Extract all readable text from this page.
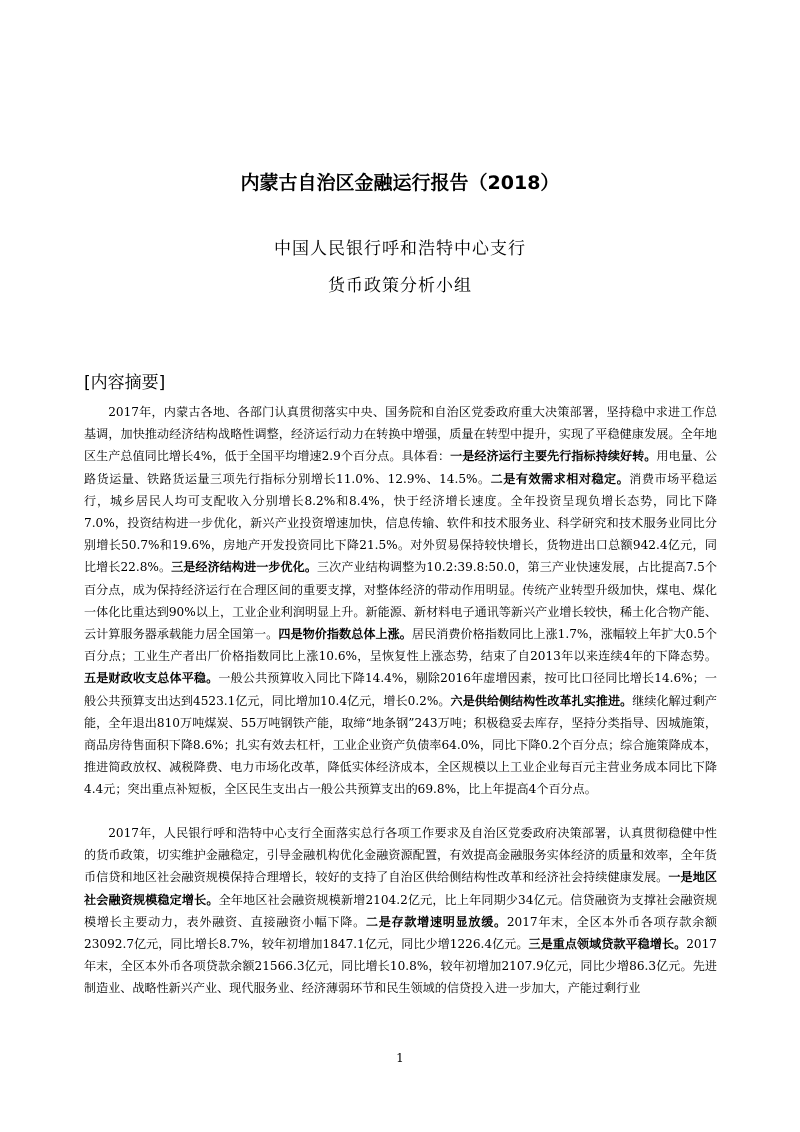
内蒙古自治区金融运行报告（2018）
中国人民银行呼和浩特中心支行
货币政策分析小组
[内容摘要]

2017年，内蒙古各地、各部门认真贯彻落实中央、国务院和自治区党委政府重大决策部署，坚持稳中求进工作总基调，加快推动经济结构战略性调整，经济运行动力在转换中增强，质量在转型中提升，实现了平稳健康发展。全年地区生产总值同比增长4%，低于全国平均增速2.9个百分点。具体看：一是经济运行主要先行指标持续好转。用电量、公路货运量、铁路货运量三项先行指标分别增长11.0%、12.9%、14.5%。二是有效需求相对稳定。消费市场平稳运行，城乡居民人均可支配收入分别增长8.2%和8.4%，快于经济增长速度。全年投资呈现负增长态势，同比下降7.0%，投资结构进一步优化，新兴产业投资增速加快，信息传输、软件和技术服务业、科学研究和技术服务业同比分别增长50.7%和19.6%，房地产开发投资同比下降21.5%。对外贸易保持较快增长，货物进出口总额942.4亿元，同比增长22.8%。三是经济结构进一步优化。三次产业结构调整为10.2:39.8:50.0，第三产业快速发展，占比提高7.5个百分点，成为保持经济运行在合理区间的重要支撑，对整体经济的带动作用明显。传统产业转型升级加快，煤电、煤化一体化比重达到90%以上，工业企业利润明显上升。新能源、新材料电子通讯等新兴产业增长较快，稀土化合物产能、云计算服务器承载能力居全国第一。四是物价指数总体上涨。居民消费价格指数同比上涨1.7%，涨幅较上年扩大0.5个百分点；工业生产者出厂价格指数同比上涨10.6%，呈恢复性上涨态势，结束了自2013年以来连续4年的下降态势。五是财政收支总体平稳。一般公共预算收入同比下降14.4%，剔除2016年虚增因素，按可比口径同比增长14.6%；一般公共预算支出达到4523.1亿元，同比增加10.4亿元，增长0.2%。六是供给侧结构性改革扎实推进。继续化解过剩产能，全年退出810万吨煤炭、55万吨钢铁产能，取缔“地条钢”243万吨；积极稳妥去库存，坚持分类指导、因城施策，商品房待售面积下降8.6%；扎实有效去杠杆，工业企业资产负债率64.0%，同比下降0.2个百分点；综合施策降成本，推进简政放权、减税降费、电力市场化改革，降低实体经济成本，全区规模以上工业企业每百元主营业务成本同比下降4.4元；突出重点补短板，全区民生支出占一般公共预算支出的69.8%，比上年提高4个百分点。

2017年，人民银行呼和浩特中心支行全面落实总行各项工作要求及自治区党委政府决策部署，认真贯彻稳健中性的货币政策，切实维护金融稳定，引导金融机构优化金融资源配置，有效提高金融服务实体经济的质量和效率，全年货币信贷和地区社会融资规模保持合理增长，较好的支持了自治区供给侧结构性改革和经济社会持续健康发展。一是地区社会融资规模稳定增长。全年地区社会融资规模新增2104.2亿元，比上年同期少34亿元。信贷融资为支撑社会融资规模增长主要动力，表外融资、直接融资小幅下降。二是存款增速明显放缓。2017年末，全区本外币各项存款余额23092.7亿元，同比增长8.7%，较年初增加1847.1亿元，同比少增1226.4亿元。三是重点领域贷款平稳增长。2017年末，全区本外币各项贷款余额21566.3亿元，同比增长10.8%，较年初增加2107.9亿元，同比少增86.3亿元。先进制造业、战略性新兴产业、现代服务业、经济薄弱环节和民生领域的信贷投入进一步加大，产能过剩行业

1
